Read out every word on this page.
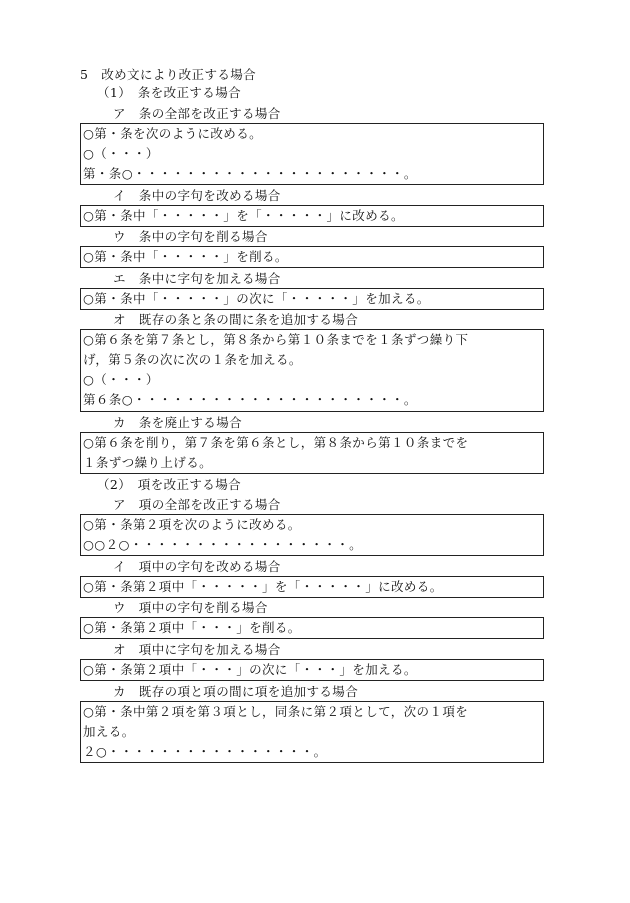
5　改め文により改正する場合
（1）　条を改正する場合
ア　条の全部を改正する場合
○第・条を次のように改める。
○（・・・）
第・条○・・・・・・・・・・・・・・・・・・・・・。
イ　条中の字句を改める場合
○第・条中「・・・・・」を「・・・・・」に改める。
ウ　条中の字句を削る場合
○第・条中「・・・・・」を削る。
エ　条中に字句を加える場合
○第・条中「・・・・・」の次に「・・・・・」を加える。
オ　既存の条と条の間に条を追加する場合
○第６条を第７条とし，第８条から第１０条までを１条ずつ繰り下
げ，第５条の次に次の１条を加える。
○（・・・）
第６条○・・・・・・・・・・・・・・・・・・・・・。
カ　条を廃止する場合
○第６条を削り，第７条を第６条とし，第８条から第１０条までを
１条ずつ繰り上げる。
（2）　項を改正する場合
ア　項の全部を改正する場合
○第・条第２項を次のように改める。
○○２○・・・・・・・・・・・・・・・・・。
イ　項中の字句を改める場合
○第・条第２項中「・・・・・」を「・・・・・」に改める。
ウ　項中の字句を削る場合
○第・条第２項中「・・・」を削る。
オ　項中に字句を加える場合
○第・条第２項中「・・・」の次に「・・・」を加える。
カ　既存の項と項の間に項を追加する場合
○第・条中第２項を第３項とし，同条に第２項として，次の１項を
加える。
２○・・・・・・・・・・・・・・・・。
